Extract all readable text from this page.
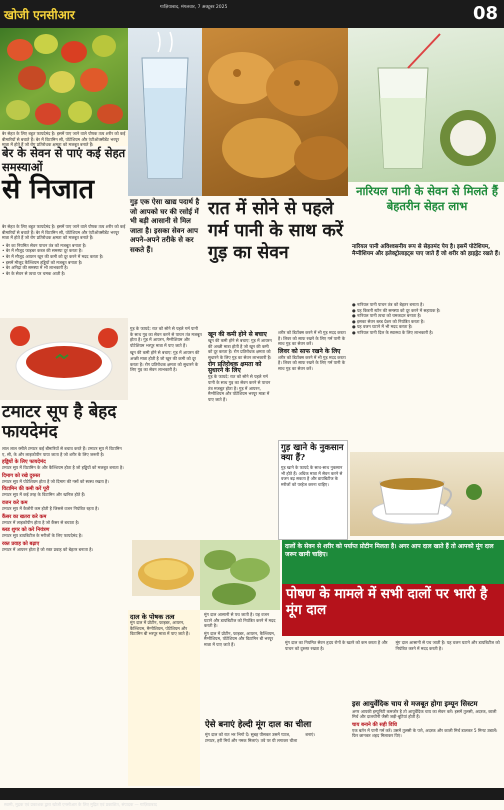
खोजी एनसीआर
गाज़ियाबाद, मंगलवार, 7 अक्टूबर 2025	08
बेर सेहत के लिए बहुत फायदेमंद है। इसमें पाए जाने वाले पोषक तत्व शरीर को कई बीमारियों से बचाते हैं। बेर में विटामिन सी, पोटेशियम और एंटीऑक्सीडेंट भरपूर मात्रा में होते हैं जो रोग प्रतिरोधक क्षमता को मजबूत बनाते हैं।
बेर के सेवन से पाएं कई सेहत समस्याओं
से निजात

बेर सेहत के लिए बहुत फायदेमंद है। इसमें पाए जाने वाले पोषक तत्व शरीर को कई बीमारियों से बचाते हैं। बेर में विटामिन सी, पोटेशियम और एंटीऑक्सीडेंट भरपूर मात्रा में होते हैं जो रोग प्रतिरोधक क्षमता को मजबूत बनाते हैं।

• बेर का नियमित सेवन पाचन तंत्र को मजबूत बनाता है।
• बेर में मौजूद फाइबर कब्ज की समस्या दूर करता है।
• बेर में मौजूद आयरन खून की कमी को दूर करने में मदद करता है।
• इसमें मौजूद कैल्शियम हड्डियों को मजबूत बनाता है।
• बेर अनिद्रा की समस्या में भी लाभकारी है।
• बेर के सेवन से त्वचा पर चमक आती है।
टमाटर सूप है बेहद फायदेमंद

लाल लाल रसीले टमाटर कई बीमारियों से बचाव करते हैं। टमाटर सूप में विटामिन ए, सी, के और लाइकोपीन पाया जाता है जो शरीर के लिए जरूरी है।

हड्डियों के लिए फायदेमंद

टमाटर सूप में विटामिन के और कैल्शियम होता है जो हड्डियों को मजबूत बनाता है।

दिमाग को रखे दुरुस्त

टमाटर सूप में पोटेशियम होता है जो दिमाग की नसों को स्वस्थ रखता है।

विटामिन की कमी करें पूरी

टमाटर सूप में कई तरह के विटामिन और खनिज होते हैं।

वजन करे कम

टमाटर सूप में कैलोरी कम होती है जिससे वजन नियंत्रित रहता है।

कैंसर का खतरा करे कम

टमाटर में लाइकोपीन होता है जो कैंसर से बचाता है।

ब्लड शुगर को करे नियंत्रण

टमाटर सूप डायबिटीज के मरीजों के लिए फायदेमंद है।

रक्त प्रवाह को बढ़ाए

टमाटर में आयरन होता है जो रक्त प्रवाह को बेहतर बनाता है।

गुड़ एक ऐसा खाद्य पदार्थ है जो आपको घर की रसोई में भी बड़ी आसानी से मिल जाता है। इसका सेवन आप अपने-अपने तरीके से कर सकते हैं।
रात में सोने से पहले गर्म पानी के साथ करें गुड़ का सेवन

गुड़ के फायदे: रात को सोने से पहले गर्म पानी के साथ गुड़ का सेवन करने से पाचन तंत्र मजबूत होता है। गुड़ में आयरन, मैग्नीशियम और पोटेशियम भरपूर मात्रा में पाए जाते हैं।

खून की कमी होने से बचाए: गुड़ में आयरन की अच्छी मात्रा होती है जो खून की कमी को दूर करता है। रोग प्रतिरोधक क्षमता को सुधारने के लिए गुड़ का सेवन लाभकारी है।

खून की कमी होने से बचाए

खून की कमी होने से बचाए: गुड़ में आयरन की अच्छी मात्रा होती है जो खून की कमी को दूर करता है। रोग प्रतिरोधक क्षमता को सुधारने के लिए गुड़ का सेवन लाभकारी है।

रोग प्रतिरोधक क्षमता को सुधारने के लिए

गुड़ के फायदे: रात को सोने से पहले गर्म पानी के साथ गुड़ का सेवन करने से पाचन तंत्र मजबूत होता है। गुड़ में आयरन, मैग्नीशियम और पोटेशियम भरपूर मात्रा में पाए जाते हैं।

शरीर को डिटॉक्स करने में भी गुड़ मदद करता है। लिवर को साफ रखने के लिए गर्म पानी के साथ गुड़ का सेवन करें।

लिवर को साफ रखने के लिए

शरीर को डिटॉक्स करने में भी गुड़ मदद करता है। लिवर को साफ रखने के लिए गर्म पानी के साथ गुड़ का सेवन करें।

गुड़ खाने के नुकसान क्या हैं?
गुड़ खाने के फायदे के साथ-साथ नुकसान भी होते हैं। अधिक मात्रा में सेवन करने से वजन बढ़ सकता है और डायबिटीज के मरीजों को परहेज करना चाहिए।
दालों के सेवन से शरीर को पर्याप्त प्रोटीन मिलता है। अगर आप दाल खाते हैं तो आपको मूंग दाल जरूर खानी चाहिए।
पोषण के मामले में सभी दालों पर भारी है मूंग दाल
दाल के पोषक तत्व
मूंग दाल में प्रोटीन, फाइबर, आयरन, कैल्शियम, मैग्नीशियम, पोटेशियम और विटामिन बी भरपूर मात्रा में पाए जाते हैं।

मूंग दाल आसानी से पच जाती है। यह वजन घटाने और डायबिटीज को नियंत्रित करने में मदद करती है।

मूंग दाल में प्रोटीन, फाइबर, आयरन, कैल्शियम, मैग्नीशियम, पोटेशियम और विटामिन बी भरपूर मात्रा में पाए जाते हैं।	मूंग दाल का नियमित सेवन हृदय रोगों के खतरे को कम करता है और पाचन को दुरुस्त रखता है।

मूंग दाल आसानी से पच जाती है। यह वजन घटाने और डायबिटीज को नियंत्रित करने में मदद करती है।

ऐसे बनाएं हेल्दी मूंग दाल का चीला
मूंग दाल को रात भर भिगो दें। सुबह पीसकर उसमें प्याज, टमाटर, हरी मिर्च और नमक मिलाएं। तवे पर घी लगाकर चीला बनाएं।
नारियल पानी के सेवन से मिलते हैं बेहतरीन सेहत लाभ
नारियल पानी अविश्वसनीय रूप से सेहतमंद पेय है। इसमें पोटेशियम, मैग्नीशियम और इलेक्ट्रोलाइट्स पाए जाते हैं जो शरीर को हाइड्रेट रखते हैं।
● नारियल पानी पाचन तंत्र को बेहतर बनाता है।
● यह किडनी स्टोन की समस्या को दूर करने में सहायक है।
● नारियल पानी त्वचा को चमकदार बनाता है।
● इसका सेवन ब्लड प्रेशर को नियंत्रित करता है।
● यह वजन घटाने में भी मदद करता है।
● नारियल पानी दिल के स्वास्थ्य के लिए लाभकारी है।
इस आयुर्वेदिक चाय से मजबूत होगा इम्यून सिस्टम

अगर आपकी इम्यूनिटी कमजोर है तो आयुर्वेदिक चाय का सेवन करें। इसमें तुलसी, अदरक, काली मिर्च और दालचीनी जैसी जड़ी-बूटियां होती हैं।

चाय बनाने की सही विधि

एक बर्तन में पानी गर्म करें। उसमें तुलसी के पत्ते, अदरक और काली मिर्च डालकर 5 मिनट उबालें। फिर छानकर शहद मिलाकर पिएं।

स्वामी, मुद्रक एवं प्रकाशक द्वारा खोजी एनसीआर के लिए मुद्रित एवं प्रकाशित, संपादक — गाज़ियाबाद
